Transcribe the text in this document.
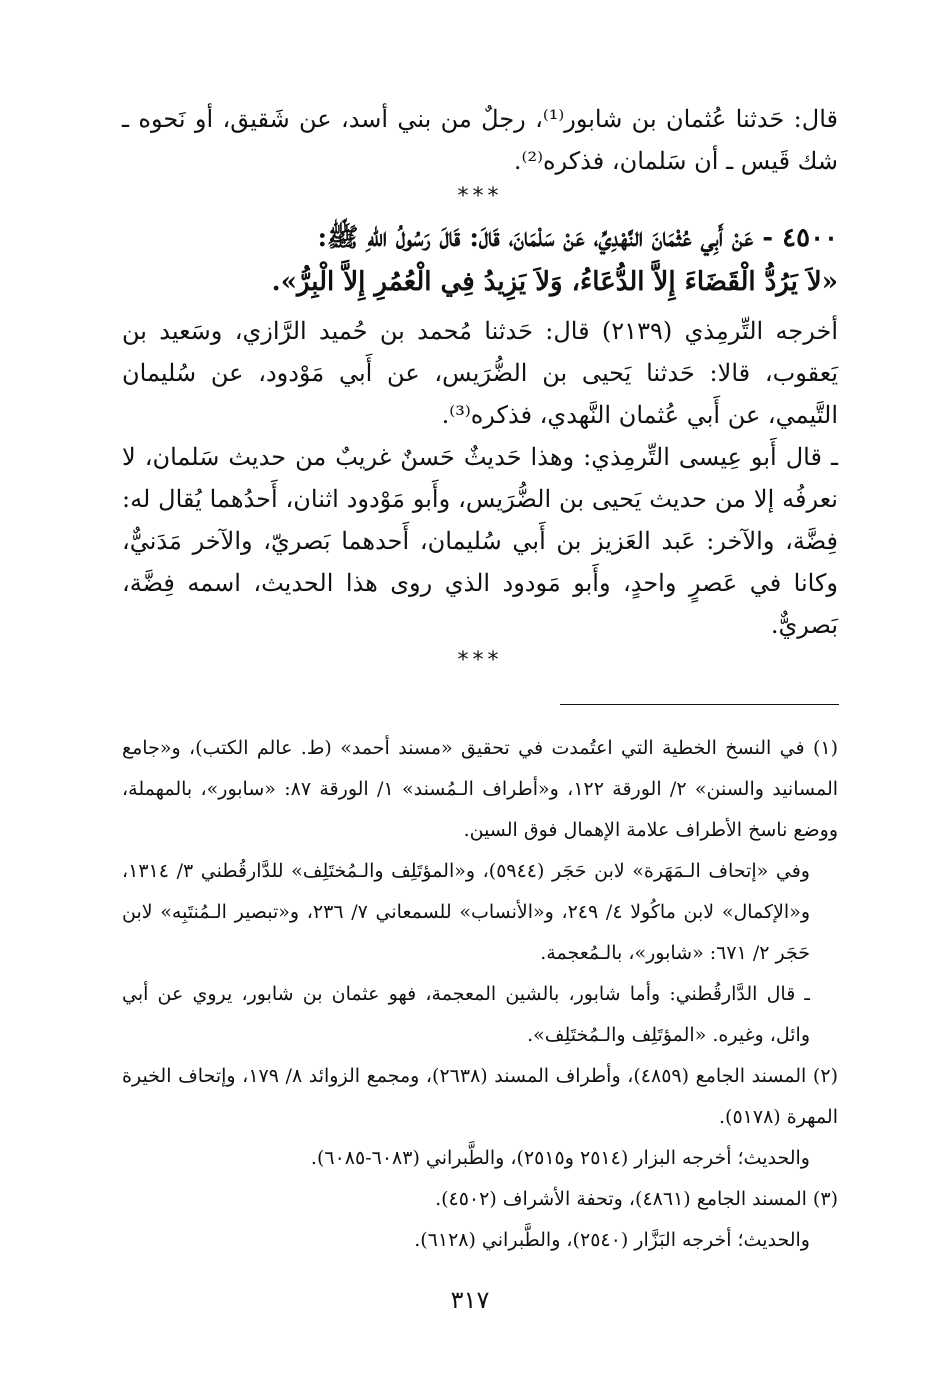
قال: حَدثنا عُثمان بن شابور⁽¹⁾، رجلٌ من بني أسد، عن شَقيق، أو نَحوه ـ شك قَيس ـ أن سَلمان، فذكره⁽²⁾.

***

٤٥٠٠ - عَنْ أَبِي عُثْمَانَ النَّهْدِيِّ، عَنْ سَلْمَانَ، قَالَ: قَالَ رَسُولُ اللهِ ﷺ:

«لاَ يَرُدُّ الْقَضَاءَ إِلاَّ الدُّعَاءُ، وَلاَ يَزِيدُ فِي الْعُمُرِ إِلاَّ الْبِرُّ».

أخرجه التِّرمِذي (٢١٣٩) قال: حَدثنا مُحمد بن حُميد الرَّازي، وسَعيد بن يَعقوب، قالا: حَدثنا يَحيى بن الضُّرَيس، عن أَبي مَوْدود، عن سُليمان التَّيمي، عن أَبي عُثمان النَّهدي، فذكره⁽³⁾.

ـ قال أَبو عِيسى التِّرمِذي: وهذا حَديثٌ حَسنٌ غريبٌ من حديث سَلمان، لا نعرفُه إلا من حديث يَحيى بن الضُّرَيس، وأَبو مَوْدود اثنان، أَحدُهما يُقال له: فِضَّة، والآخر: عَبد العَزيز بن أَبي سُليمان، أَحدهما بَصريّ، والآخر مَدَنيٌّ، وكانا في عَصرٍ واحدٍ، وأَبو مَودود الذي روى هذا الحديث، اسمه فِضَّة، بَصريٌّ.

***

(١) في النسخ الخطية التي اعتُمدت في تحقيق «مسند أحمد» (ط. عالم الكتب)، و«جامع المسانيد والسنن» ٢/ الورقة ١٢٢، و«أطراف الـمُسند» ١/ الورقة ٨٧: «سابور»، بالمهملة، ووضع ناسخ الأطراف علامة الإهمال فوق السين.

وفي «إتحاف الـمَهَرة» لابن حَجَر (٥٩٤٤)، و«المؤتَلِف والـمُختَلِف» للدَّارقُطني ٣/ ١٣١٤، و«الإكمال» لابن ماكُولا ٤/ ٢٤٩، و«الأنساب» للسمعاني ٧/ ٢٣٦، و«تبصير الـمُنتَبِه» لابن حَجَر ٢/ ٦٧١: «شابور»، بالـمُعجمة.

ـ قال الدَّارقُطني: وأما شابور، بالشين المعجمة، فهو عثمان بن شابور، يروي عن أبي وائل، وغيره. «المؤتَلِف والـمُختَلِف».

(٢) المسند الجامع (٤٨٥٩)، وأطراف المسند (٢٦٣٨)، ومجمع الزوائد ٨/ ١٧٩، وإتحاف الخيرة المهرة (٥١٧٨).

والحديث؛ أخرجه البزار (٢٥١٤ و٢٥١٥)، والطَّبراني (٦٠٨٣-٦٠٨٥).

(٣) المسند الجامع (٤٨٦١)، وتحفة الأشراف (٤٥٠٢).

والحديث؛ أخرجه البَزَّار (٢٥٤٠)، والطَّبراني (٦١٢٨).

٣١٧
